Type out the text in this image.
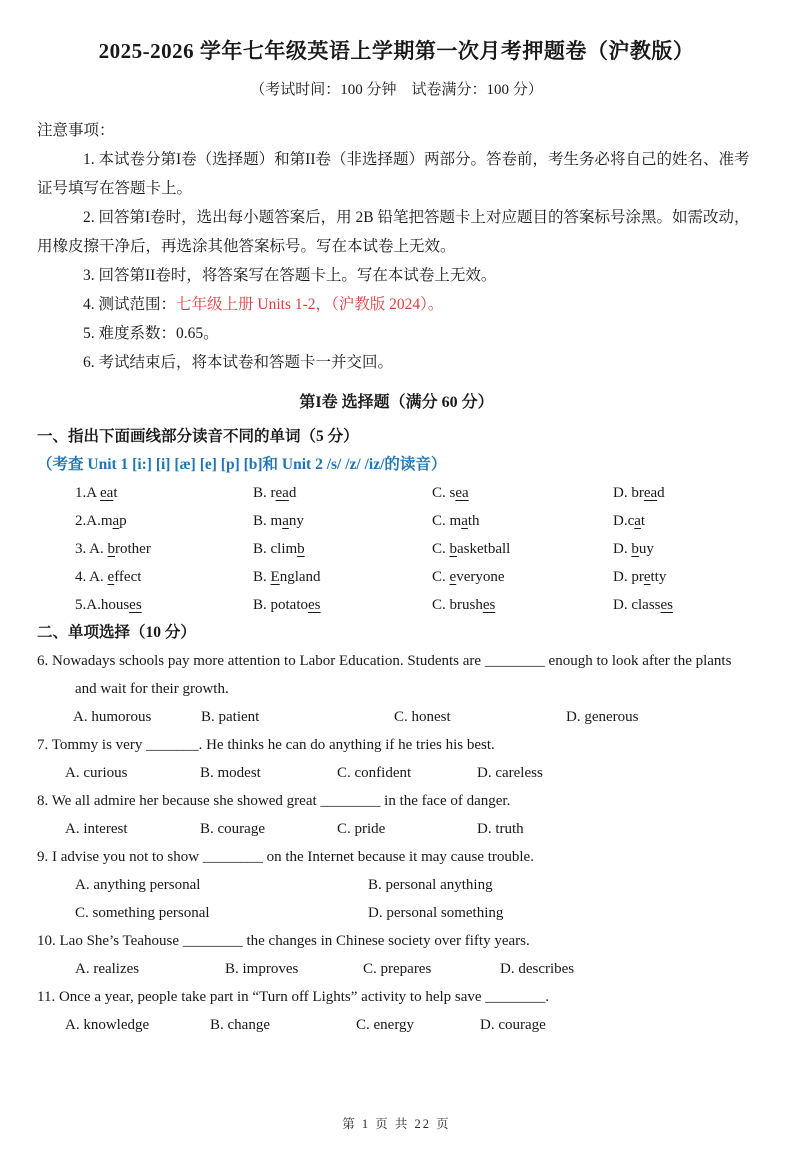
2025-2026 学年七年级英语上学期第一次月考押题卷（沪教版）
（考试时间：100 分钟　试卷满分：100 分）

注意事项：

1. 本试卷分第I卷（选择题）和第II卷（非选择题）两部分。答卷前，考生务必将自己的姓名、准考证号填写在答题卡上。

2. 回答第I卷时，选出每小题答案后，用 2B 铅笔把答题卡上对应题目的答案标号涂黑。如需改动，用橡皮擦干净后，再选涂其他答案标号。写在本试卷上无效。

3. 回答第II卷时，将答案写在答题卡上。写在本试卷上无效。

4. 测试范围：七年级上册 Units 1-2，（沪教版 2024）。

5. 难度系数：0.65。

6. 考试结束后，将本试卷和答题卡一并交回。

第I卷 选择题（满分 60 分）

一、指出下面画线部分读音不同的单词（5 分）（考查 Unit 1 [i:] [i] [æ] [e] [p] [b]和 Unit 2 /s/ /z/ /iz/的读音）

1.A eat	B. read	C. sea	D. bread
2.A.map	B. many	C. math	D.cat
3. A. brother	B. climb	C. basketball	D. buy
4. A. effect	B. England	C. everyone	D. pretty
5.A.houses	B. potatoes	C. brushes	D. classes

二、单项选择（10 分）

6. Nowadays schools pay more attention to Labor Education. Students are ________ enough to look after the plants and wait for their growth.

A. humorous	B. patient	C. honest	D. generous

7. Tommy is very _______. He thinks he can do anything if he tries his best.

A. curious	B. modest	C. confident	D. careless

8. We all admire her because she showed great ________ in the face of danger.

A. interest	B. courage	C. pride	D. truth

9. I advise you not to show ________ on the Internet because it may cause trouble.

A. anything personal	B. personal anything
C. something personal	D. personal something

10. Lao She’s Teahouse ________ the changes in Chinese society over fifty years.

A. realizes	B. improves	C. prepares	D. describes

11. Once a year, people take part in “Turn off Lights” activity to help save ________.

A. knowledge	B. change	C. energy	D. courage
第 1 页 共 22 页
